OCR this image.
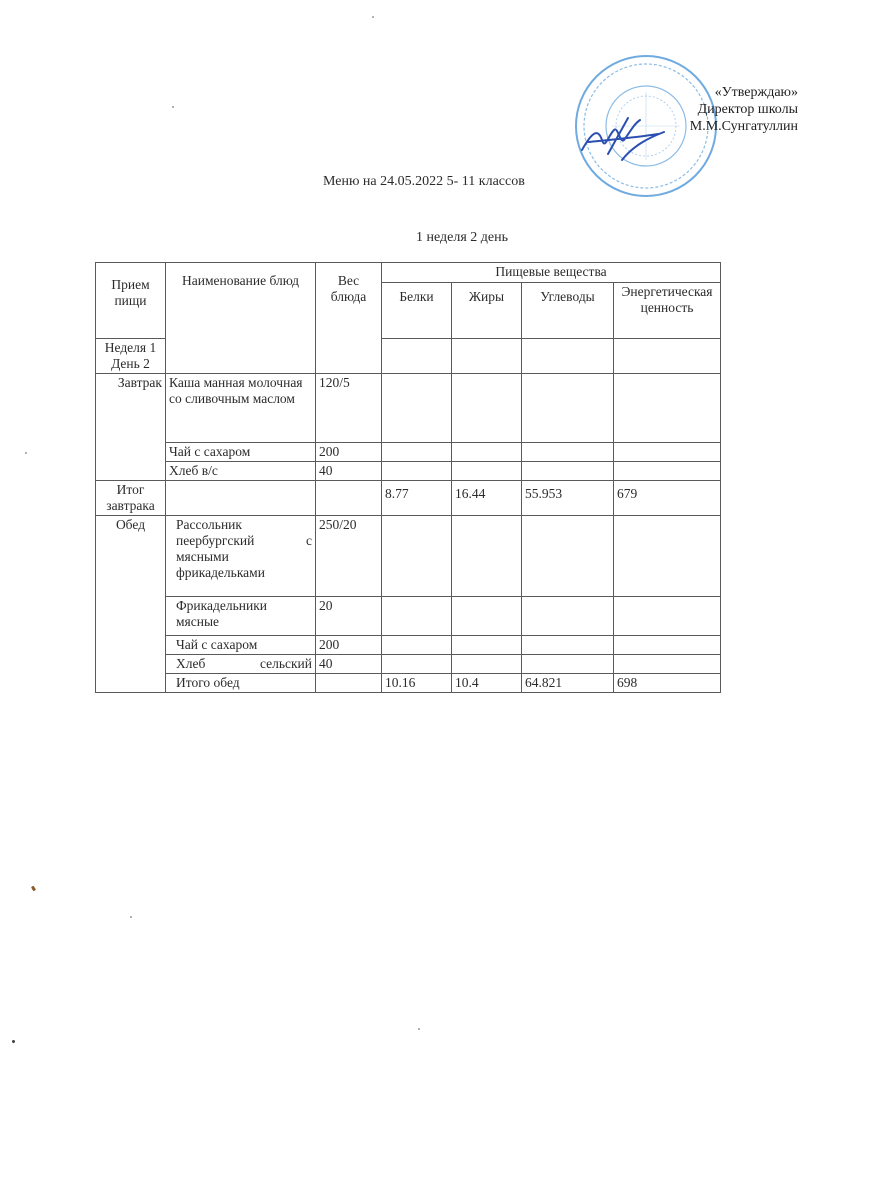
«Утверждаю»
Директор школы
М.М.Сунгатуллин
Меню на 24.05.2022 5- 11 классов
1 неделя 2 день
Прием пищи	Наименование блюд	Вес блюда	Пищевые вещества			
			Белки	Жиры	Углеводы	Энергетическая ценность
Неделя 1 День 2						
Завтрак	Каша манная молочная со сливочным маслом	120/5				
	Чай с сахаром	200				
	Хлеб в/с	40				
Итог завтрака			8.77	16.44	55.953	679
Обед	Рассольник пеербургский с мясными фрикадельками	250/20				
	Фрикадельники мясные	20				
	Чай с сахаром	200				
	Хлеб сельский	40				
	Итого обед		10.16	10.4	64.821	698
